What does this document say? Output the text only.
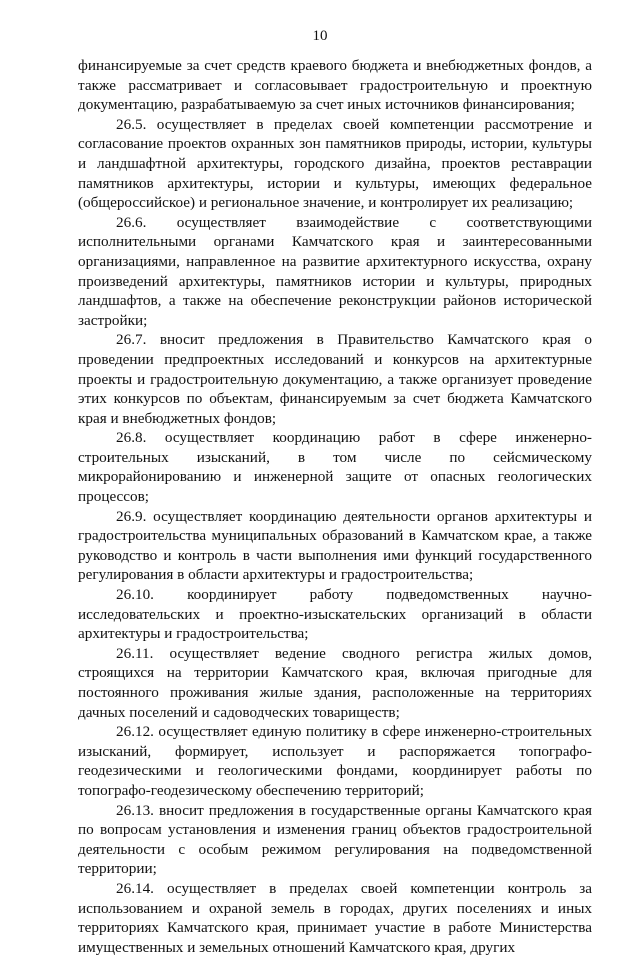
10

финансируемые за счет средств краевого бюджета и внебюджетных фондов, а также рассматривает и согласовывает градостроительную и проектную документацию, разрабатываемую за счет иных источников финансирования;

26.5. осуществляет в пределах своей компетенции рассмотрение и согласование проектов охранных зон памятников природы, истории, культуры и ландшафтной архитектуры, городского дизайна, проектов реставрации памятников архитектуры, истории и культуры, имеющих федеральное (общероссийское) и региональное значение, и контролирует их реализацию;

26.6. осуществляет взаимодействие с соответствующими исполнительными органами Камчатского края и заинтересованными организациями, направленное на развитие архитектурного искусства, охрану произведений архитектуры, памятников истории и культуры, природных ландшафтов, а также на обеспечение реконструкции районов исторической застройки;

26.7. вносит предложения в Правительство Камчатского края о проведении предпроектных исследований и конкурсов на архитектурные проекты и градостроительную документацию, а также организует проведение этих конкурсов по объектам, финансируемым за счет бюджета Камчатского края и внебюджетных фондов;

26.8. осуществляет координацию работ в сфере инженерно-строительных изысканий, в том числе по сейсмическому микрорайонированию и инженерной защите от опасных геологических процессов;

26.9. осуществляет координацию деятельности органов архитектуры и градостроительства муниципальных образований в Камчатском крае, а также руководство и контроль в части выполнения ими функций государственного регулирования в области архитектуры и градостроительства;

26.10. координирует работу подведомственных научно-исследовательских и проектно-изыскательских организаций в области архитектуры и градостроительства;

26.11. осуществляет ведение сводного регистра жилых домов, строящихся на территории Камчатского края, включая пригодные для постоянного проживания жилые здания, расположенные на территориях дачных поселений и садоводческих товариществ;

26.12. осуществляет единую политику в сфере инженерно-строительных изысканий, формирует, использует и распоряжается топографо-геодезическими и геологическими фондами, координирует работы по топографо-геодезическому обеспечению территорий;

26.13. вносит предложения в государственные органы Камчатского края по вопросам установления и изменения границ объектов градостроительной деятельности с особым режимом регулирования на подведомственной территории;

26.14. осуществляет в пределах своей компетенции контроль за использованием и охраной земель в городах, других поселениях и иных территориях Камчатского края, принимает участие в работе Министерства имущественных и земельных отношений Камчатского края, других
